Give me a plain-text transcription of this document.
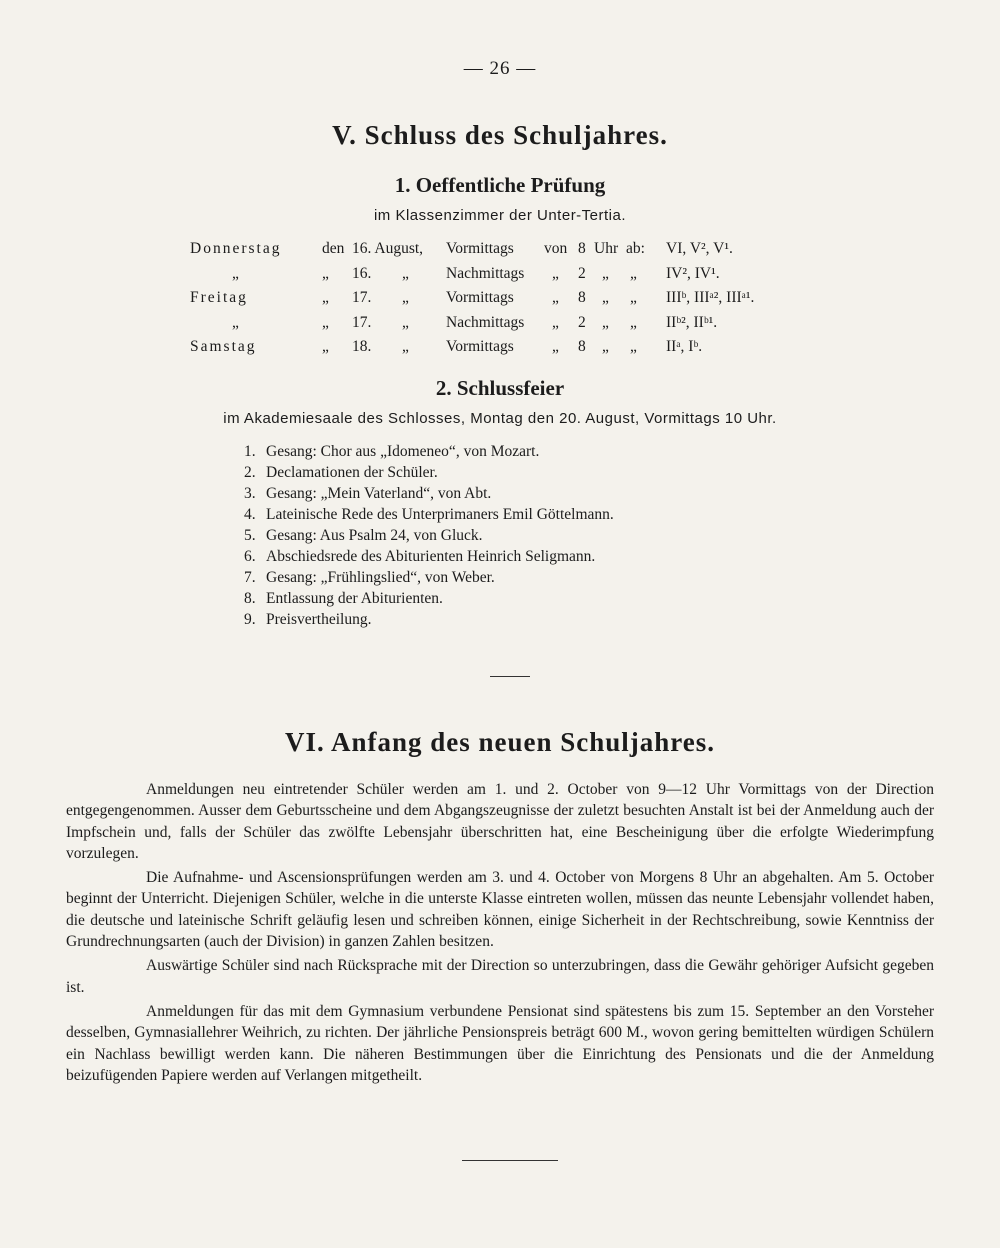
— 26 —
V. Schluss des Schuljahres.
1. Oeffentliche Prüfung
im Klassenzimmer der Unter-Tertia.
Donnerstag	den 16. August, Vormittags von 8 Uhr ab: VI, V², V¹.
„	„ 16. „ Nachmittags „ 2 „ „ IV², IV¹.
Freitag	„ 17. „ Vormittags „ 8 „ „ IIIᵇ, IIIᵃ², IIIᵃ¹.
„	„ 17. „ Nachmittags „ 2 „ „ IIᵇ², IIᵇ¹.
Samstag	„ 18. „ Vormittags „ 8 „ „ IIᵃ, Iᵇ.
2. Schlussfeier
im Akademiesaale des Schlosses, Montag den 20. August, Vormittags 10 Uhr.
1. Gesang: Chor aus „Idomeneo“, von Mozart.
2. Declamationen der Schüler.
3. Gesang: „Mein Vaterland“, von Abt.
4. Lateinische Rede des Unterprimaners Emil Göttelmann.
5. Gesang: Aus Psalm 24, von Gluck.
6. Abschiedsrede des Abiturienten Heinrich Seligmann.
7. Gesang: „Frühlingslied“, von Weber.
8. Entlassung der Abiturienten.
9. Preisvertheilung.
VI. Anfang des neuen Schuljahres.

Anmeldungen neu eintretender Schüler werden am 1. und 2. October von 9—12 Uhr Vormittags von der Direction entgegengenommen. Ausser dem Geburtsscheine und dem Abgangszeugnisse der zuletzt besuchten Anstalt ist bei der Anmeldung auch der Impfschein und, falls der Schüler das zwölfte Lebensjahr überschritten hat, eine Bescheinigung über die erfolgte Wiederimpfung vorzulegen.

Die Aufnahme- und Ascensionsprüfungen werden am 3. und 4. October von Morgens 8 Uhr an abgehalten. Am 5. October beginnt der Unterricht. Diejenigen Schüler, welche in die unterste Klasse eintreten wollen, müssen das neunte Lebensjahr vollendet haben, die deutsche und lateinische Schrift geläufig lesen und schreiben können, einige Sicherheit in der Rechtschreibung, sowie Kenntniss der Grundrechnungsarten (auch der Division) in ganzen Zahlen besitzen.

Auswärtige Schüler sind nach Rücksprache mit der Direction so unterzubringen, dass die Gewähr gehöriger Aufsicht gegeben ist.

Anmeldungen für das mit dem Gymnasium verbundene Pensionat sind spätestens bis zum 15. September an den Vorsteher desselben, Gymnasiallehrer Weihrich, zu richten. Der jährliche Pensionspreis beträgt 600 M., wovon gering bemittelten würdigen Schülern ein Nachlass bewilligt werden kann. Die näheren Bestimmungen über die Einrichtung des Pensionats und die der Anmeldung beizufügenden Papiere werden auf Verlangen mitgetheilt.
